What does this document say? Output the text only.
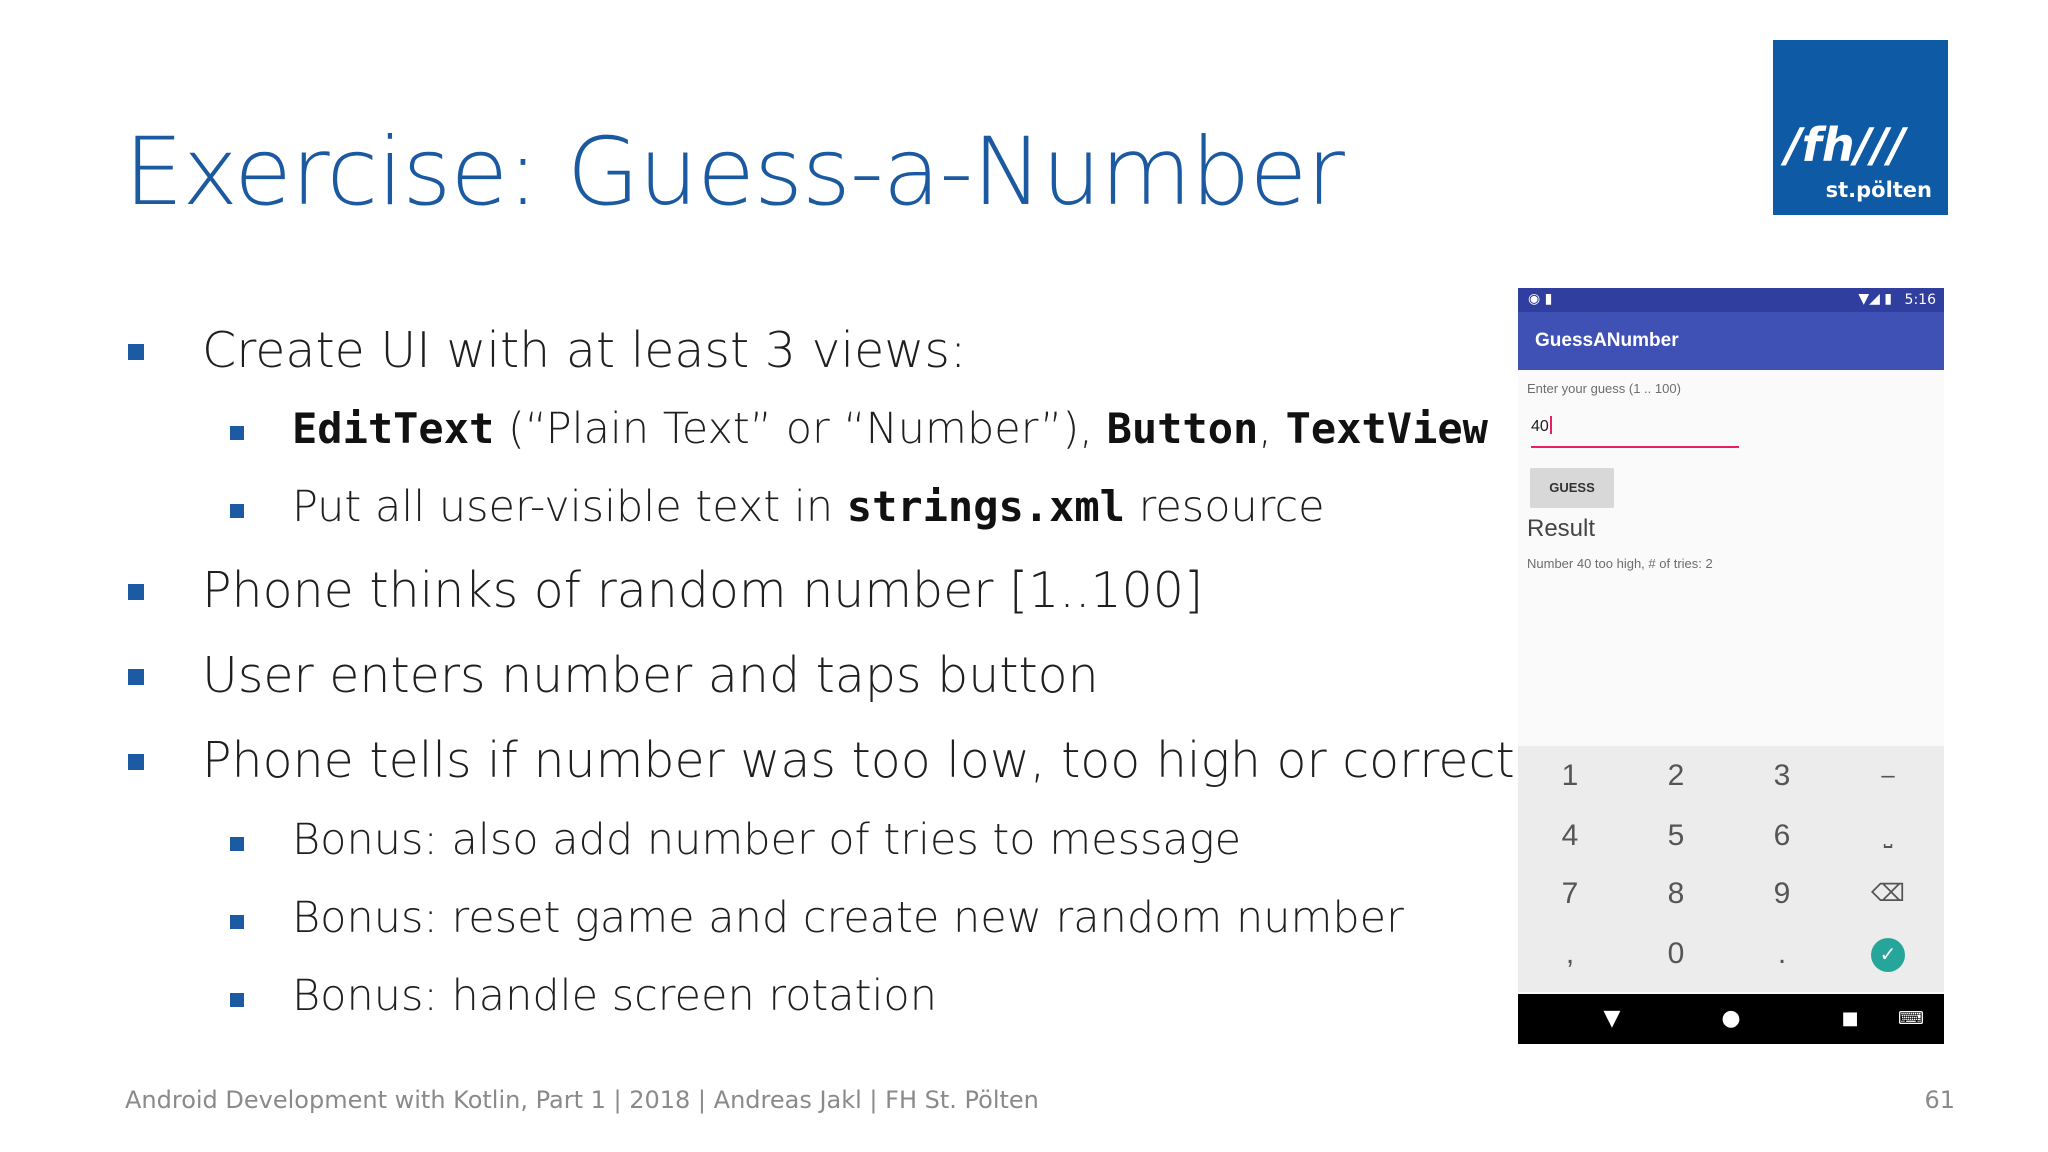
Exercise: Guess-a-Number	/fh///
st.pölten
Create UI with at least 3 views:
EditText (“Plain Text” or “Number”), Button, TextView
Put all user-visible text in strings.xml resource
Phone thinks of random number [1..100]
User enters number and taps button
Phone tells if number was too low, too high or correct
Bonus: also add number of tries to message
Bonus: reset game and create new random number
Bonus: handle screen rotation
◉ ▮	▼◢ ▮ 5:16
GuessANumber
Enter your guess (1 .. 100)
40
GUESS
Result
Number 40 too high, # of tries: 2
1	2	3	–
4	5	6	⎵
7	8	9	⌫
,	0	.	✓
▼	●	■	⌨
Android Development with Kotlin, Part 1 | 2018 | Andreas Jakl | FH St. Pölten	61
